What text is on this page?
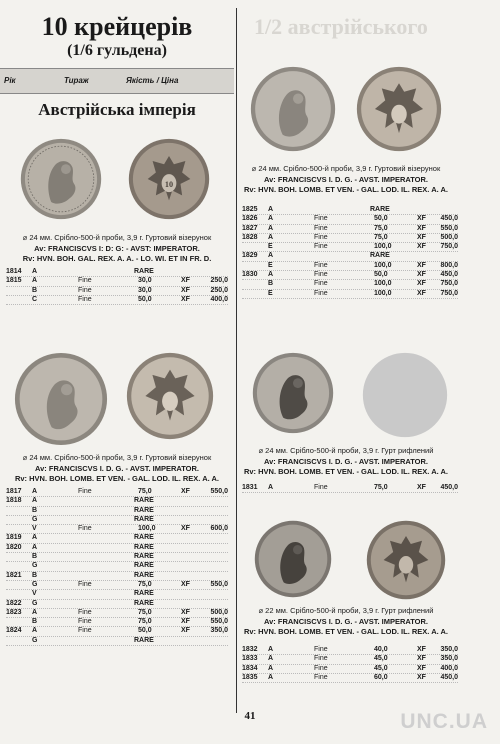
10 крейцерів
(1/6 гульдена)
Рік	Тираж	Якість / Ціна
Австрійська імперія
1/2 австрійського
10
⌀ 24 мм. Срібло-500-й проби, 3,9 г. Гуртовий візерунок
Av: FRANCISCVS I: D: G: - AVST: IMPERATOR.
Rv: HVN. BOH. GAL. REX. A. A. - LO. WI. ET IN FR. D.
⌀ 24 мм. Срібло-500-й проби, 3,9 г. Гуртовий візерунок
Av: FRANCISCVS I. D. G. - AVST. IMPERATOR.
Rv: HVN. BOH. LOMB. ET VEN. - GAL. LOD. IL. REX. A. A.
⌀ 24 мм. Срібло-500-й проби, 3,9 г. Гуртовий візерунок
Av: FRANCISCVS I. D. G. - AVST. IMPERATOR.
Rv: HVN. BOH. LOMB. ET VEN. - GAL. LOD. IL. REX. A. A.
⌀ 24 мм. Срібло-500-й проби, 3,9 г. Гурт рифлений
Av: FRANCISCVS I. D. G. - AVST. IMPERATOR.
Rv: HVN. BOH. LOMB. ET VEN. - GAL. LOD. IL. REX. A. A.
⌀ 22 мм. Срібло-500-й проби, 3,9 г. Гурт рифлений
Av: FRANCISCVS I. D. G. - AVST. IMPERATOR.
Rv: HVN. BOH. LOMB. ET VEN. - GAL. LOD. IL. REX. A. A.
1814 A	RARE
1815 A	Fine	30,0	XF	250,0
B	Fine	30,0	XF	250,0
C	Fine	50,0	XF	400,0
1817 A	Fine	75,0	XF	550,0
1818 A	RARE
B	RARE
G	RARE
V	Fine	100,0	XF	600,0
1819 A	RARE
1820 A	RARE
B	RARE
G	RARE
1821 B	RARE
G	Fine	75,0	XF	550,0
V	RARE
1822 G	RARE
1823 A	Fine	75,0	XF	500,0
B	Fine	75,0	XF	550,0
1824 A	Fine	50,0	XF	350,0
G	RARE
1825 A	RARE
1826 A	Fine	50,0	XF 450,0
1827 A	Fine	75,0	XF 550,0
1828 A	Fine	75,0	XF 500,0
E	Fine	100,0	XF 750,0
1829 A	RARE
E	Fine	100,0	XF 800,0
1830 A	Fine	50,0	XF 450,0
B	Fine	100,0	XF 750,0
E	Fine	100,0	XF 750,0
1831 A	Fine	75,0	XF 450,0
1832 A	Fine	40,0	XF 350,0
1833 A	Fine	45,0	XF 350,0
1834 A	Fine	45,0	XF 400,0
1835 A	Fine	60,0	XF 450,0
41	UNC.UA
